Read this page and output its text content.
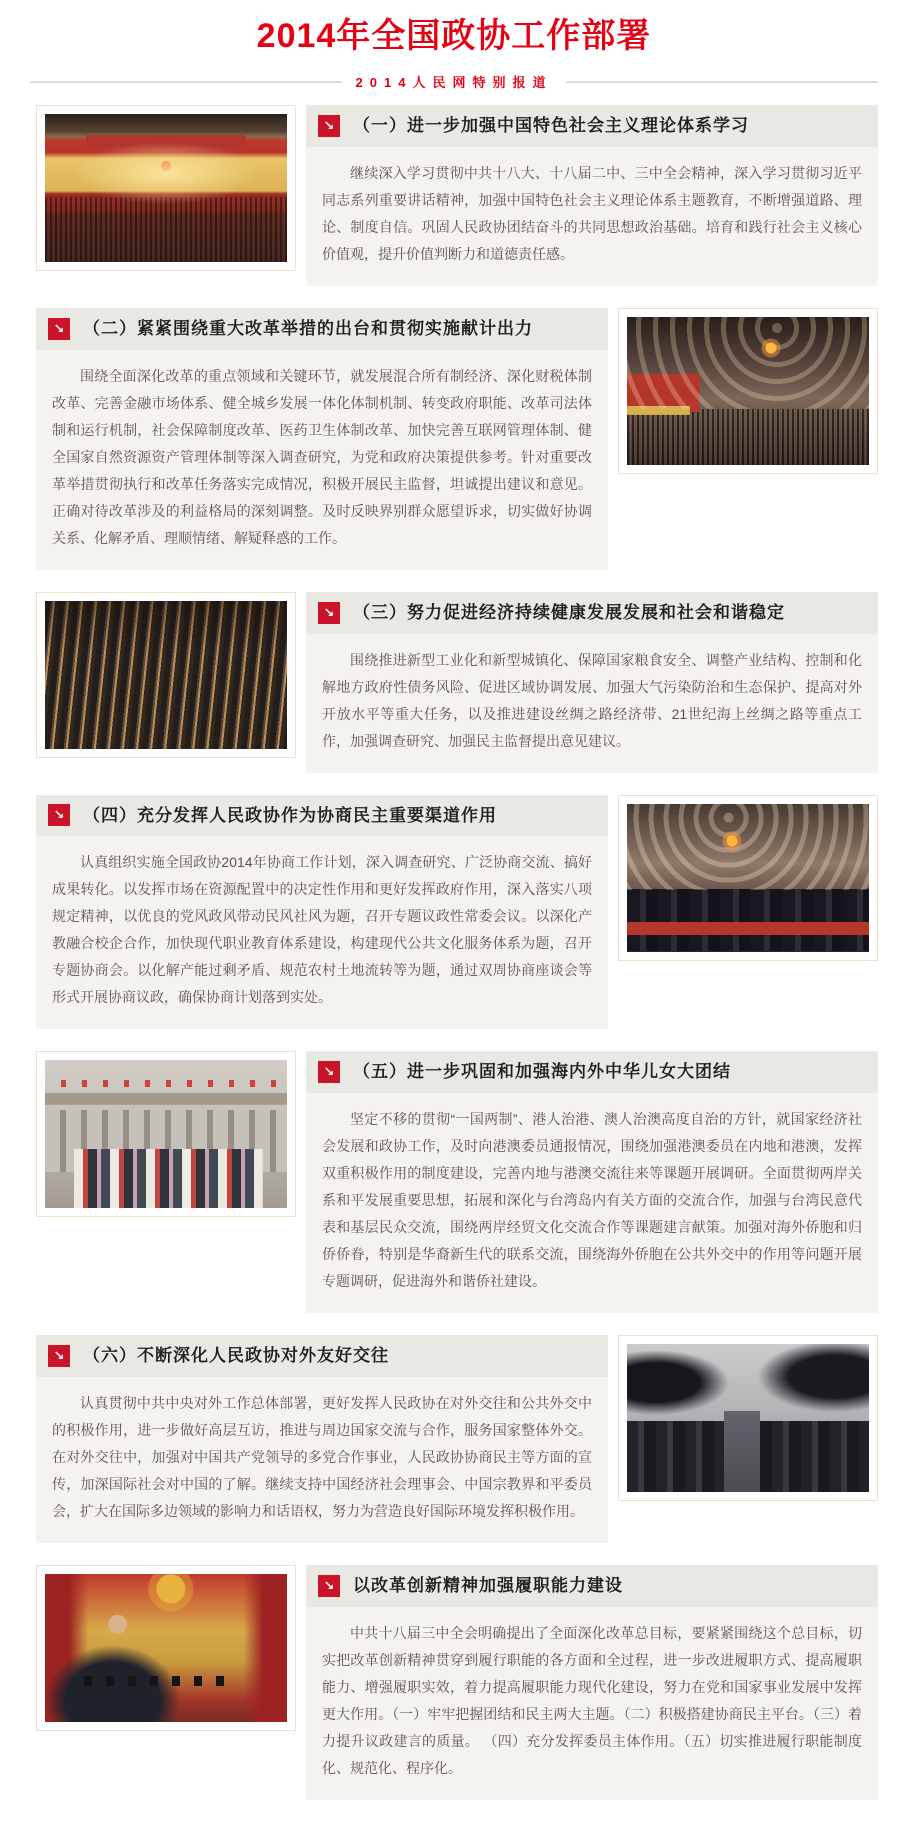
2014年全国政协工作部署
2014人民网特别报道
↘	（一）进一步加强中国特色社会主义理论体系学习

继续深入学习贯彻中共十八大、十八届二中、三中全会精神，深入学习贯彻习近平同志系列重要讲话精神，加强中国特色社会主义理论体系主题教育，不断增强道路、理论、制度自信。巩固人民政协团结奋斗的共同思想政治基础。培育和践行社会主义核心价值观，提升价值判断力和道德责任感。

↘	（二）紧紧围绕重大改革举措的出台和贯彻实施献计出力

围绕全面深化改革的重点领域和关键环节，就发展混合所有制经济、深化财税体制改革、完善金融市场体系、健全城乡发展一体化体制机制、转变政府职能、改革司法体制和运行机制，社会保障制度改革、医药卫生体制改革、加快完善互联网管理体制、健全国家自然资源资产管理体制等深入调查研究，为党和政府决策提供参考。针对重要改革举措贯彻执行和改革任务落实完成情况，积极开展民主监督，坦诚提出建议和意见。正确对待改革涉及的利益格局的深刻调整。及时反映界别群众愿望诉求，切实做好协调关系、化解矛盾、理顺情绪、解疑释惑的工作。

↘	（三）努力促进经济持续健康发展发展和社会和谐稳定

围绕推进新型工业化和新型城镇化、保障国家粮食安全、调整产业结构、控制和化解地方政府性债务风险、促进区域协调发展、加强大气污染防治和生态保护、提高对外开放水平等重大任务，以及推进建设丝绸之路经济带、21世纪海上丝绸之路等重点工作，加强调查研究、加强民主监督提出意见建议。

↘	（四）充分发挥人民政协作为协商民主重要渠道作用

认真组织实施全国政协2014年协商工作计划，深入调查研究、广泛协商交流、搞好成果转化。以发挥市场在资源配置中的决定性作用和更好发挥政府作用，深入落实八项规定精神，以优良的党风政风带动民风社风为题，召开专题议政性常委会议。以深化产教融合校企合作，加快现代职业教育体系建设，构建现代公共文化服务体系为题，召开专题协商会。以化解产能过剩矛盾、规范农村土地流转等为题，通过双周协商座谈会等形式开展协商议政，确保协商计划落到实处。

↘	（五）进一步巩固和加强海内外中华儿女大团结

坚定不移的贯彻“一国两制”、港人治港、澳人治澳高度自治的方针，就国家经济社会发展和政协工作，及时向港澳委员通报情况，围绕加强港澳委员在内地和港澳，发挥双重积极作用的制度建设，完善内地与港澳交流往来等课题开展调研。全面贯彻两岸关系和平发展重要思想，拓展和深化与台湾岛内有关方面的交流合作，加强与台湾民意代表和基层民众交流，围绕两岸经贸文化交流合作等课题建言献策。加强对海外侨胞和归侨侨眷，特别是华裔新生代的联系交流，围绕海外侨胞在公共外交中的作用等问题开展专题调研，促进海外和谐侨社建设。

↘	（六）不断深化人民政协对外友好交往

认真贯彻中共中央对外工作总体部署，更好发挥人民政协在对外交往和公共外交中的积极作用，进一步做好高层互访，推进与周边国家交流与合作，服务国家整体外交。在对外交往中，加强对中国共产党领导的多党合作事业，人民政协协商民主等方面的宣传，加深国际社会对中国的了解。继续支持中国经济社会理事会、中国宗教界和平委员会，扩大在国际多边领域的影响力和话语权，努力为营造良好国际环境发挥积极作用。

↘	以改革创新精神加强履职能力建设

中共十八届三中全会明确提出了全面深化改革总目标，要紧紧围绕这个总目标，切实把改革创新精神贯穿到履行职能的各方面和全过程，进一步改进履职方式、提高履职能力、增强履职实效，着力提高履职能力现代化建设，努力在党和国家事业发展中发挥更大作用。（一）牢牢把握团结和民主两大主题。（二）积极搭建协商民主平台。（三）着力提升议政建言的质量。 （四）充分发挥委员主体作用。（五）切实推进履行职能制度化、规范化、程序化。
